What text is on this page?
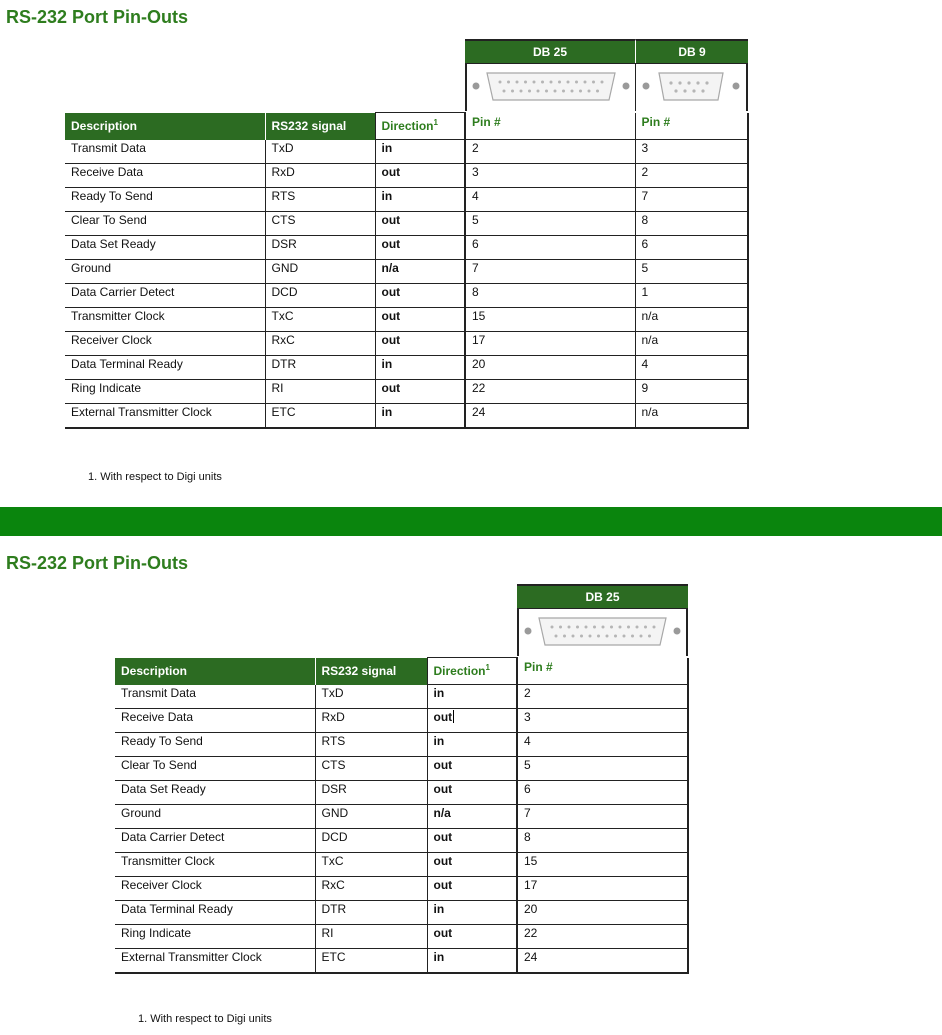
RS-232 Port Pin-Outs
DB 25	DB 9
Description	RS232 signal	Direction$^1$	Pin #	Pin #
Transmit Data	TxD	in	2	3
Receive Data	RxD	out	3	2
Ready To Send	RTS	in	4	7
Clear To Send	CTS	out	5	8
Data Set Ready	DSR	out	6	6
Ground	GND	n/a	7	5
Data Carrier Detect	DCD	out	8	1
Transmitter Clock	TxC	out	15	n/a
Receiver Clock	RxC	out	17	n/a
Data Terminal Ready	DTR	in	20	4
Ring Indicate	RI	out	22	9
External Transmitter Clock	ETC	in	24	n/a

1. With respect to Digi units

RS-232 Port Pin-Outs
DB 25
Description	RS232 signal	Direction$^1$	Pin #
Transmit Data	TxD	in	2
Receive Data	RxD	out	3
Ready To Send	RTS	in	4
Clear To Send	CTS	out	5
Data Set Ready	DSR	out	6
Ground	GND	n/a	7
Data Carrier Detect	DCD	out	8
Transmitter Clock	TxC	out	15
Receiver Clock	RxC	out	17
Data Terminal Ready	DTR	in	20
Ring Indicate	RI	out	22
External Transmitter Clock	ETC	in	24

1. With respect to Digi units
